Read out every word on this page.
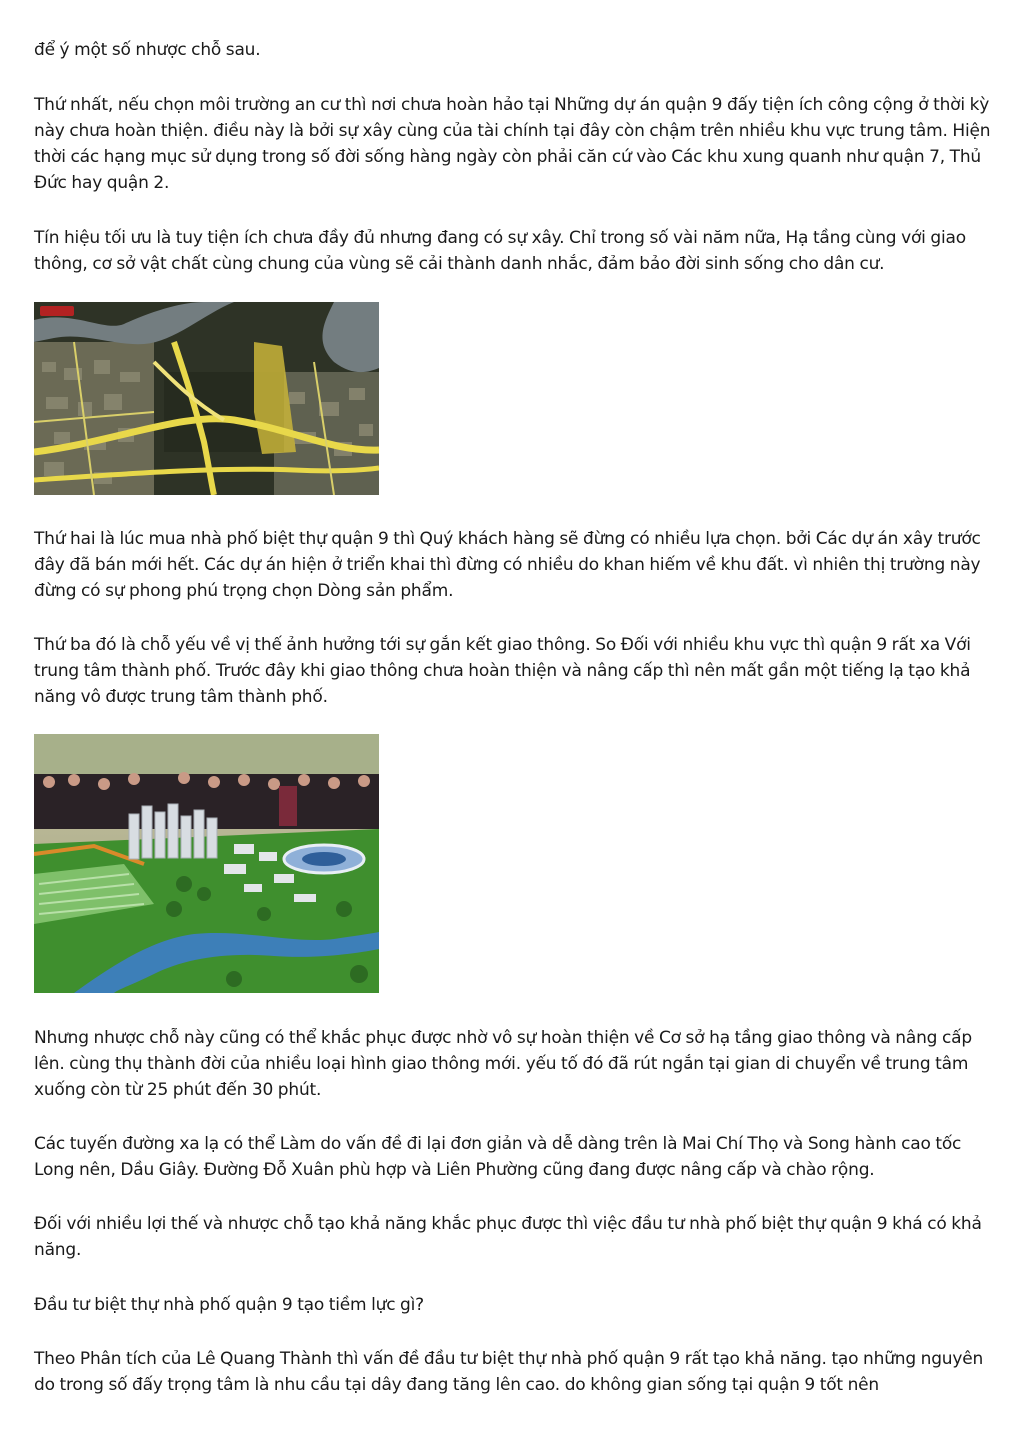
để ý một số nhược chỗ sau.

Thứ nhất, nếu chọn môi trường an cư thì nơi chưa hoàn hảo tại Những dự án quận 9 đấy tiện ích công cộng ở thời kỳ này chưa hoàn thiện. điều này là bởi sự xây cùng của tài chính tại đây còn chậm trên nhiều khu vực trung tâm. Hiện thời các hạng mục sử dụng trong số đời sống hàng ngày còn phải căn cứ vào Các khu xung quanh như quận 7, Thủ Đức hay quận 2.

Tín hiệu tối ưu là tuy tiện ích chưa đầy đủ nhưng đang có sự xây. Chỉ trong số vài năm nữa, Hạ tầng cùng với giao thông, cơ sở vật chất cùng chung của vùng sẽ cải thành danh nhắc, đảm bảo đời sinh sống cho dân cư.

Thứ hai là lúc mua nhà phố biệt thự quận 9 thì Quý khách hàng sẽ đừng có nhiều lựa chọn. bởi Các dự án xây trước đây đã bán mới hết. Các dự án hiện ở triển khai thì đừng có nhiều do khan hiếm về khu đất. vì nhiên thị trường này đừng có sự phong phú trọng chọn Dòng sản phẩm.

Thứ ba đó là chỗ yếu về vị thế ảnh hưởng tới sự gắn kết giao thông. So Đối với nhiều khu vực thì quận 9 rất xa Với trung tâm thành phố. Trước đây khi giao thông chưa hoàn thiện và nâng cấp thì nên mất gần một tiếng lạ tạo khả năng vô được trung tâm thành phố.

Nhưng nhược chỗ này cũng có thể khắc phục được nhờ vô sự hoàn thiện về Cơ sở hạ tầng giao thông và nâng cấp lên. cùng thụ thành đời của nhiều loại hình giao thông mới. yếu tố đó đã rút ngắn tại gian di chuyển về trung tâm xuống còn từ 25 phút đến 30 phút.

Các tuyến đường xa lạ có thể Làm do vấn đề đi lại đơn giản và dễ dàng trên là Mai Chí Thọ và Song hành cao tốc Long nên, Dầu Giây. Đường Đỗ Xuân phù hợp và Liên Phường cũng đang được nâng cấp và chào rộng.

Đối với nhiều lợi thế và nhược chỗ tạo khả năng khắc phục được thì việc đầu tư nhà phố biệt thự quận 9 khá có khả năng.

Đầu tư biệt thự nhà phố quận 9 tạo tiềm lực gì?

Theo Phân tích của Lê Quang Thành thì vấn đề đầu tư biệt thự nhà phố quận 9 rất tạo khả năng. tạo những nguyên do trong số đấy trọng tâm là nhu cầu tại dây đang tăng lên cao. do không gian sống tại quận 9 tốt nên
